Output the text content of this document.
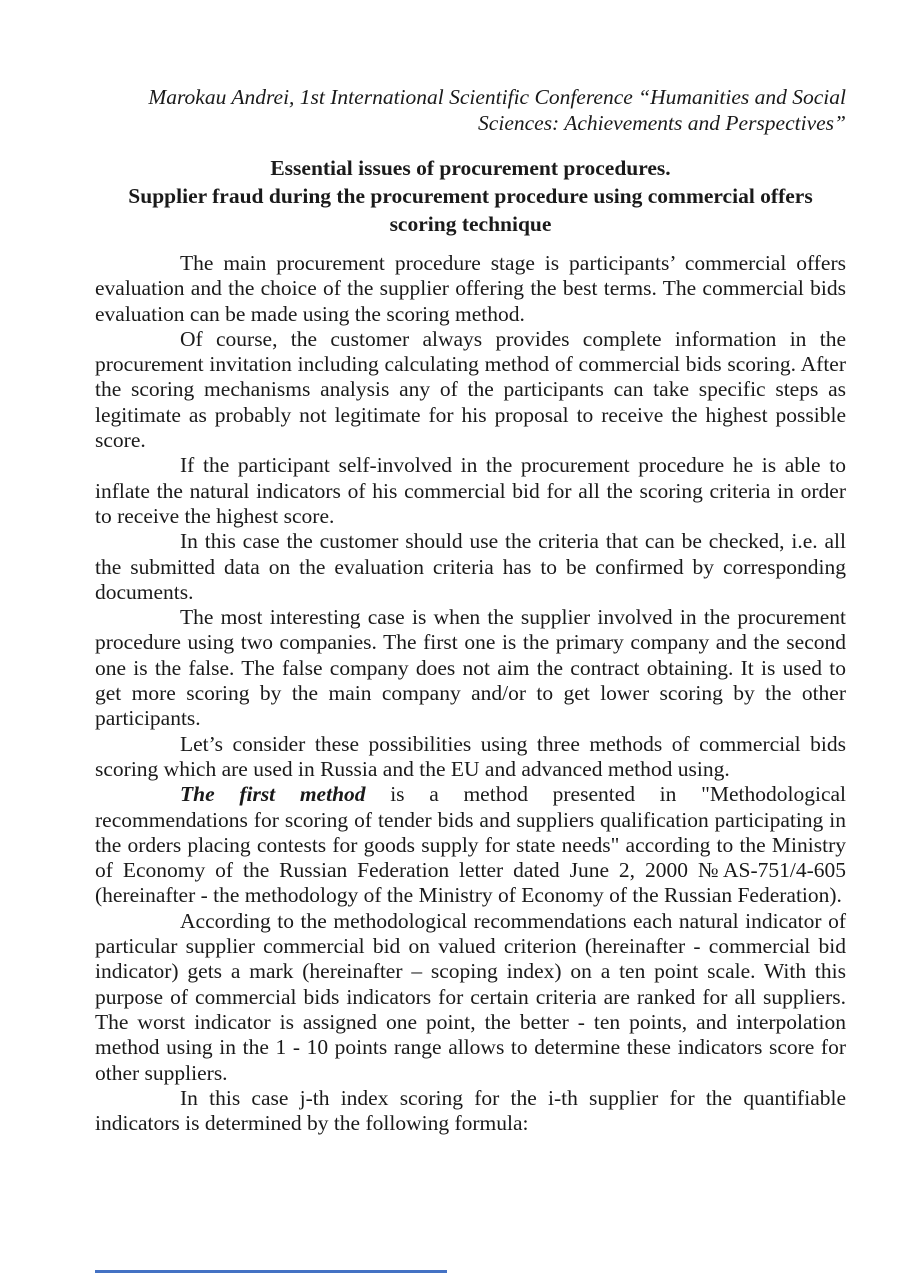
Marokau Andrei, 1st International Scientific Conference “Humanities and Social Sciences: Achievements and Perspectives”
Essential issues of procurement procedures.
Supplier fraud during the procurement procedure using commercial offers scoring technique

The main procurement procedure stage is participants’ commercial offers evaluation and the choice of the supplier offering the best terms. The commercial bids evaluation can be made using the scoring method.

Of course, the customer always provides complete information in the procurement invitation including calculating method of commercial bids scoring. After the scoring mechanisms analysis any of the participants can take specific steps as legitimate as probably not legitimate for his proposal to receive the highest possible score.

If the participant self-involved in the procurement procedure he is able to inflate the natural indicators of his commercial bid for all the scoring criteria in order to receive the highest score.

In this case the customer should use the criteria that can be checked, i.e. all the submitted data on the evaluation criteria has to be confirmed by corresponding documents.

The most interesting case is when the supplier involved in the procurement procedure using two companies. The first one is the primary company and the second one is the false. The false company does not aim the contract obtaining. It is used to get more scoring by the main company and/or to get lower scoring by the other participants.

Let’s consider these possibilities using three methods of commercial bids scoring which are used in Russia and the EU and advanced method using.

The first method is a method presented in "Methodological recommendations for scoring of tender bids and suppliers qualification participating in the orders placing contests for goods supply for state needs" according to the Ministry of Economy of the Russian Federation letter dated June 2, 2000 №AS-751/4-605 (hereinafter - the methodology of the Ministry of Economy of the Russian Federation).

According to the methodological recommendations each natural indicator of particular supplier commercial bid on valued criterion (hereinafter - commercial bid indicator) gets a mark (hereinafter – scoping index) on a ten point scale. With this purpose of commercial bids indicators for certain criteria are ranked for all suppliers. The worst indicator is assigned one point, the better - ten points, and interpolation method using in the 1 - 10 points range allows to determine these indicators score for other suppliers.

In this case j-th index scoring for the i-th supplier for the quantifiable indicators is determined by the following formula:
